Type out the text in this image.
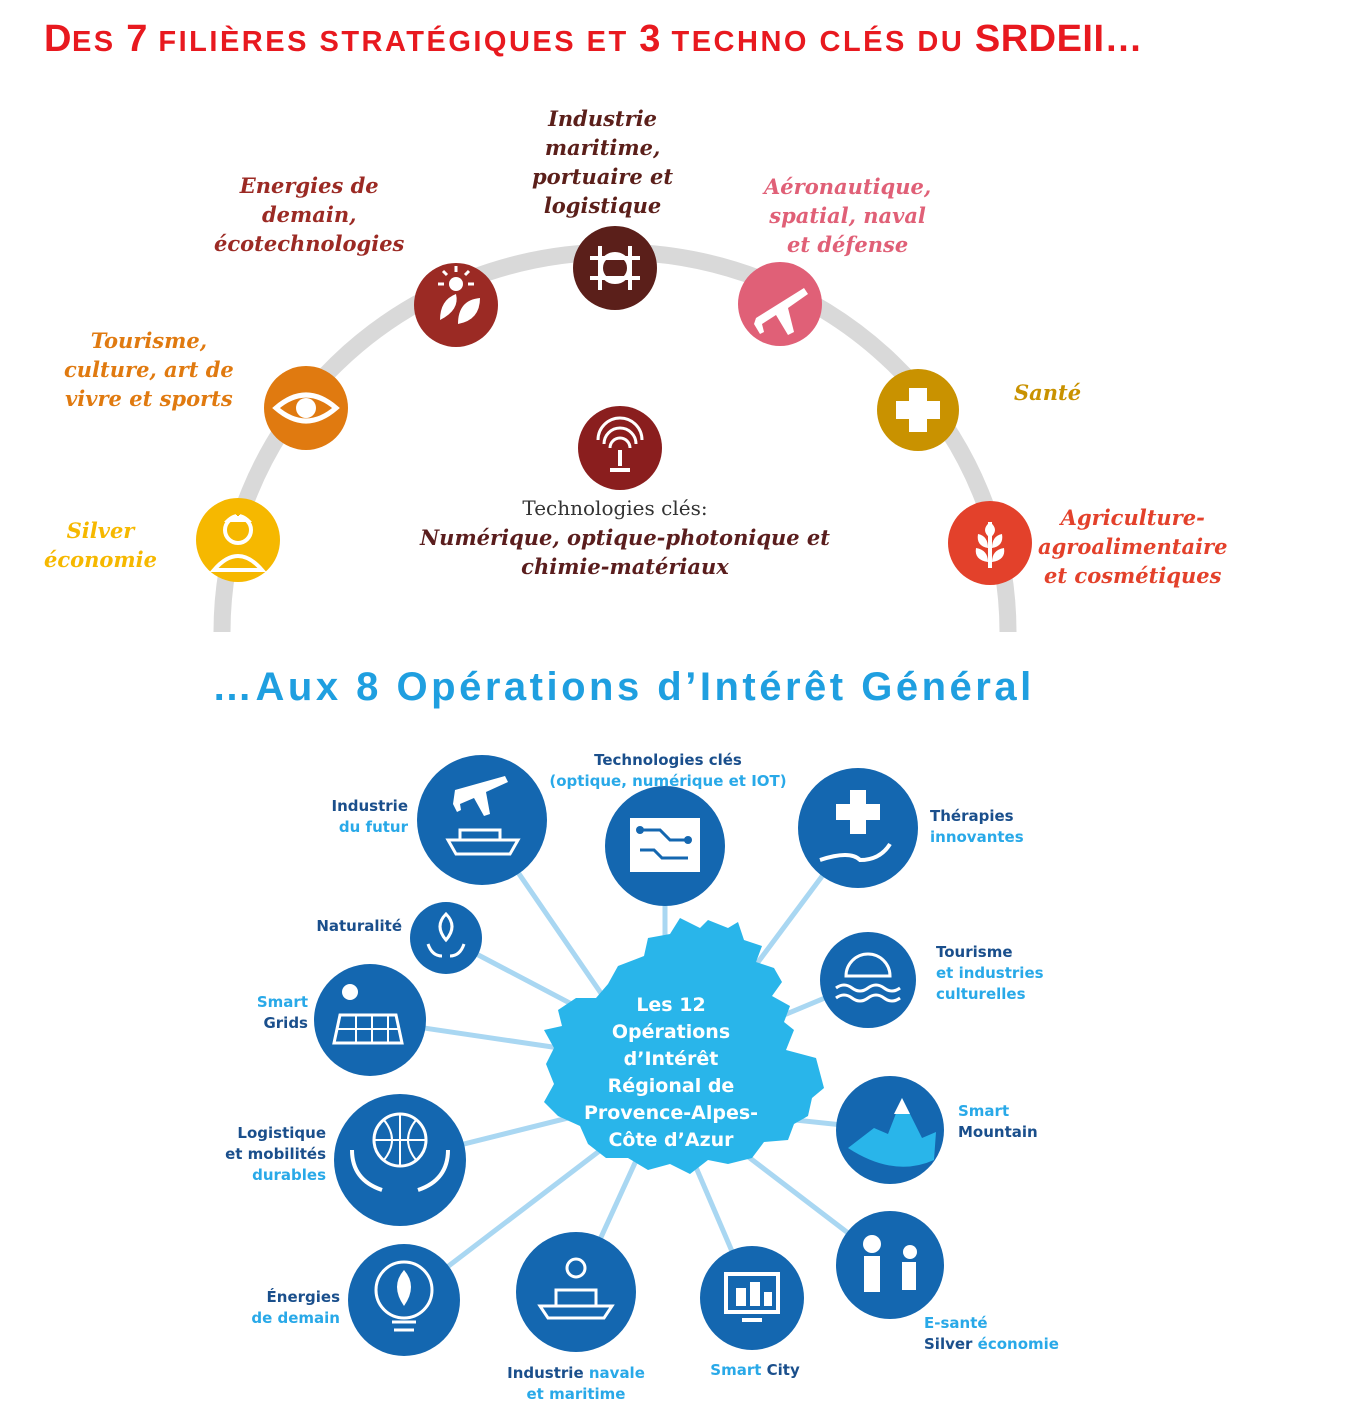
DES 7 FILIÈRES STRATÉGIQUES ET 3 TECHNO CLÉS DU SRDEII…
Silver
économie
Tourisme,
culture, art de
vivre et sports
Energies de
demain,
écotechnologies
Industrie
maritime,
portuaire et
logistique
Aéronautique,
spatial, naval
et défense
Santé
Agriculture-
agroalimentaire
et cosmétiques
Technologies clés:
Numérique, optique-photonique et
chimie-matériaux
…Aux 8 Opérations d’Intérêt Général
Les 12
Opérations
d’Intérêt
Régional de
Provence-Alpes-
Côte d’Azur
Industrie
du futur
Technologies clés
(optique, numérique et IOT)
Thérapies
innovantes
Naturalité
Tourisme
et industries
culturelles
Smart
Grids
Smart
Mountain
Logistique
et mobilités
durables
E-santé
Silver économie
Énergies
de demain
Industrie navale
et maritime
Smart City
